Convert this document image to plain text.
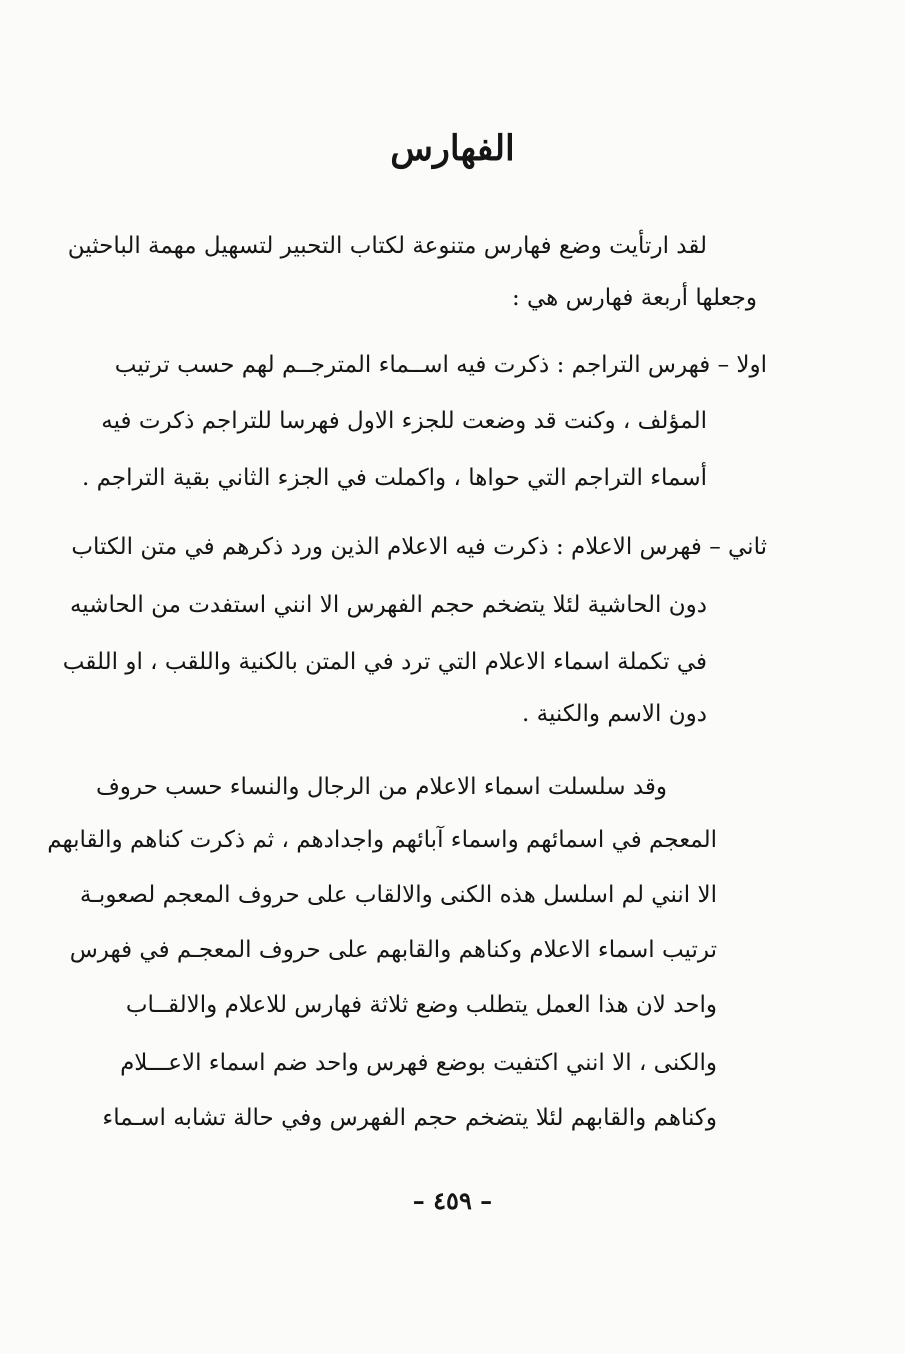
الفهارس
لقد ارتأيت وضع فهارس متنوعة لكتاب التحبير لتسهيل مهمة الباحثين
وجعلها أربعة فهارس هي :
اولا – فهرس التراجم : ذكرت فيه اســماء المترجــم لهم حسب ترتيب
المؤلف ، وكنت قد وضعت للجزء الاول فهرسا للتراجم ذكرت فيه
أسماء التراجم التي حواها ، واكملت في الجزء الثاني بقية التراجم .
ثاني – فهرس الاعلام : ذكرت فيه الاعلام الذين ورد ذكرهم في متن الكتاب
دون الحاشية لئلا يتضخم حجم الفهرس الا انني استفدت من الحاشيه
في تكملة اسماء الاعلام التي ترد في المتن بالكنية واللقب ، او اللقب
دون الاسم والكنية .
وقد سلسلت اسماء الاعلام من الرجال والنساء حسب حروف
المعجم في اسمائهم واسماء آبائهم واجدادهم ، ثم ذكرت كناهم والقابهم
الا انني لم اسلسل هذه الكنى والالقاب على حروف المعجم لصعوبـة
ترتيب اسماء الاعلام وكناهم والقابهم على حروف المعجـم في فهرس
واحد لان هذا العمل يتطلب وضع ثلاثة فهارس للاعلام والالقــاب
والكنى ، الا انني اكتفيت بوضع فهرس واحد ضم اسماء الاعـــلام
وكناهم والقابهم لئلا يتضخم حجم الفهرس وفي حالة تشابه اسـماء
– ٤٥٩ –
